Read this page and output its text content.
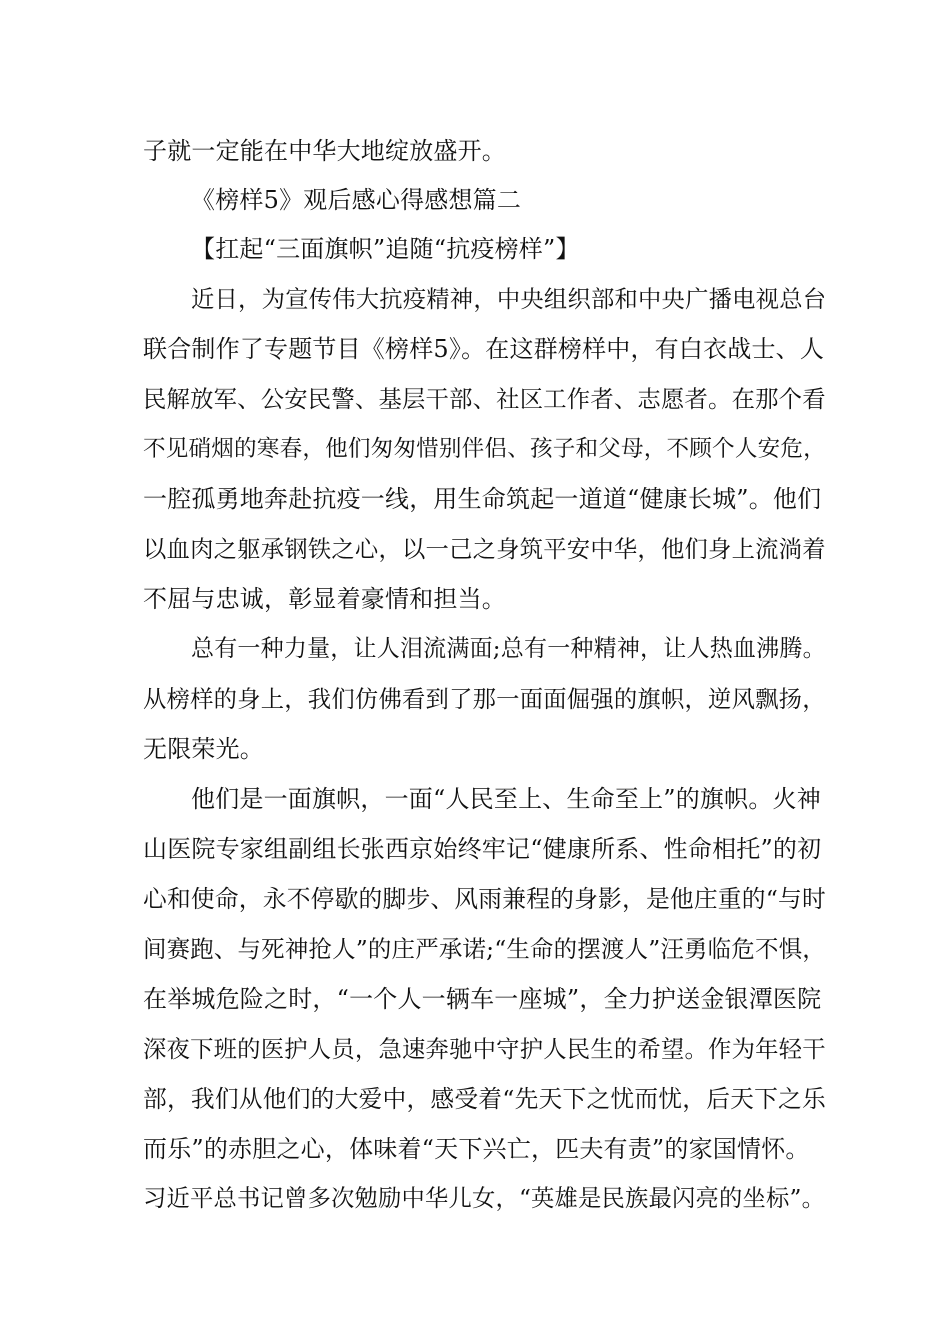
子就一定能在中华大地绽放盛开。
《榜样5》观后感心得感想篇二
【扛起“三面旗帜”追随“抗疫榜样”】
近日，为宣传伟大抗疫精神，中央组织部和中央广播电视总台
联合制作了专题节目《榜样5》。在这群榜样中，有白衣战士、人
民解放军、公安民警、基层干部、社区工作者、志愿者。在那个看
不见硝烟的寒春，他们匆匆惜别伴侣、孩子和父母，不顾个人安危，
一腔孤勇地奔赴抗疫一线，用生命筑起一道道“健康长城”。他们
以血肉之躯承钢铁之心，以一己之身筑平安中华，他们身上流淌着
不屈与忠诚，彰显着豪情和担当。
总有一种力量，让人泪流满面;总有一种精神，让人热血沸腾。
从榜样的身上，我们仿佛看到了那一面面倔强的旗帜，逆风飘扬，
无限荣光。
他们是一面旗帜，一面“人民至上、生命至上”的旗帜。火神
山医院专家组副组长张西京始终牢记“健康所系、性命相托”的初
心和使命，永不停歇的脚步、风雨兼程的身影，是他庄重的“与时
间赛跑、与死神抢人”的庄严承诺;“生命的摆渡人”汪勇临危不惧，
在举城危险之时，“一个人一辆车一座城”，全力护送金银潭医院
深夜下班的医护人员，急速奔驰中守护人民生的希望。作为年轻干
部，我们从他们的大爱中，感受着“先天下之忧而忧，后天下之乐
而乐”的赤胆之心，体味着“天下兴亡，匹夫有责”的家国情怀。
习近平总书记曾多次勉励中华儿女，“英雄是民族最闪亮的坐标”。
